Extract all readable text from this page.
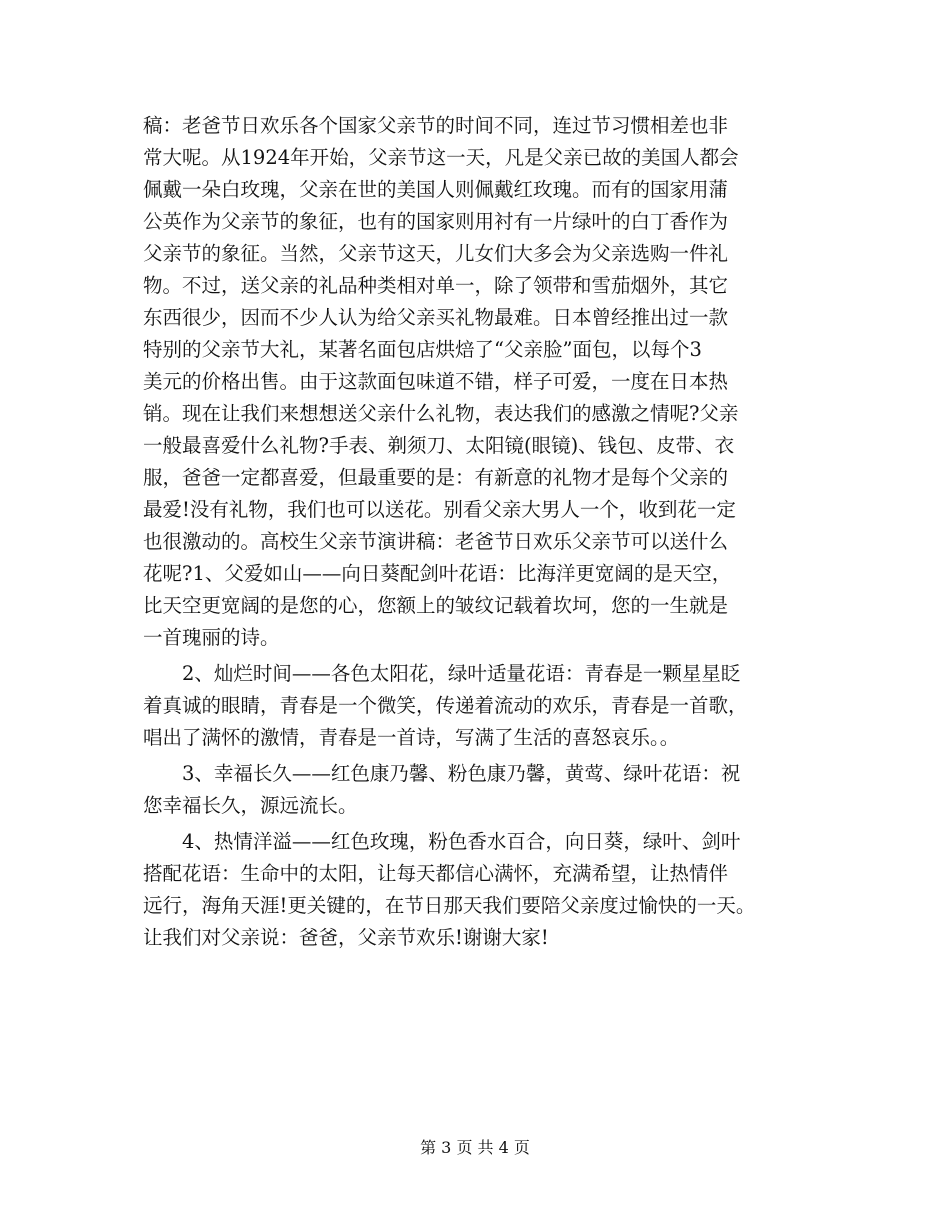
稿：老爸节日欢乐各个国家父亲节的时间不同，连过节习惯相差也非
常大呢。从1924年开始，父亲节这一天，凡是父亲已故的美国人都会
佩戴一朵白玫瑰，父亲在世的美国人则佩戴红玫瑰。而有的国家用蒲
公英作为父亲节的象征，也有的国家则用衬有一片绿叶的白丁香作为
父亲节的象征。当然，父亲节这天，儿女们大多会为父亲选购一件礼
物。不过，送父亲的礼品种类相对单一，除了领带和雪茄烟外，其它
东西很少，因而不少人认为给父亲买礼物最难。日本曾经推出过一款
特别的父亲节大礼，某著名面包店烘焙了“父亲脸”面包，以每个3
美元的价格出售。由于这款面包味道不错，样子可爱，一度在日本热
销。现在让我们来想想送父亲什么礼物，表达我们的感激之情呢?父亲
一般最喜爱什么礼物?手表、剃须刀、太阳镜(眼镜)、钱包、皮带、衣
服，爸爸一定都喜爱，但最重要的是：有新意的礼物才是每个父亲的
最爱!没有礼物，我们也可以送花。别看父亲大男人一个，收到花一定
也很激动的。高校生父亲节演讲稿：老爸节日欢乐父亲节可以送什么
花呢?1、父爱如山——向日葵配剑叶花语：比海洋更宽阔的是天空，
比天空更宽阔的是您的心，您额上的皱纹记载着坎坷，您的一生就是
一首瑰丽的诗。
2、灿烂时间——各色太阳花，绿叶适量花语：青春是一颗星星眨
着真诚的眼睛，青春是一个微笑，传递着流动的欢乐，青春是一首歌，
唱出了满怀的激情，青春是一首诗，写满了生活的喜怒哀乐。。
3、幸福长久——红色康乃馨、粉色康乃馨，黄莺、绿叶花语：祝
您幸福长久，源远流长。
4、热情洋溢——红色玫瑰，粉色香水百合，向日葵，绿叶、剑叶
搭配花语：生命中的太阳，让每天都信心满怀，充满希望，让热情伴
远行，海角天涯!更关键的，在节日那天我们要陪父亲度过愉快的一天。
让我们对父亲说：爸爸，父亲节欢乐!谢谢大家!
第 3 页 共 4 页
